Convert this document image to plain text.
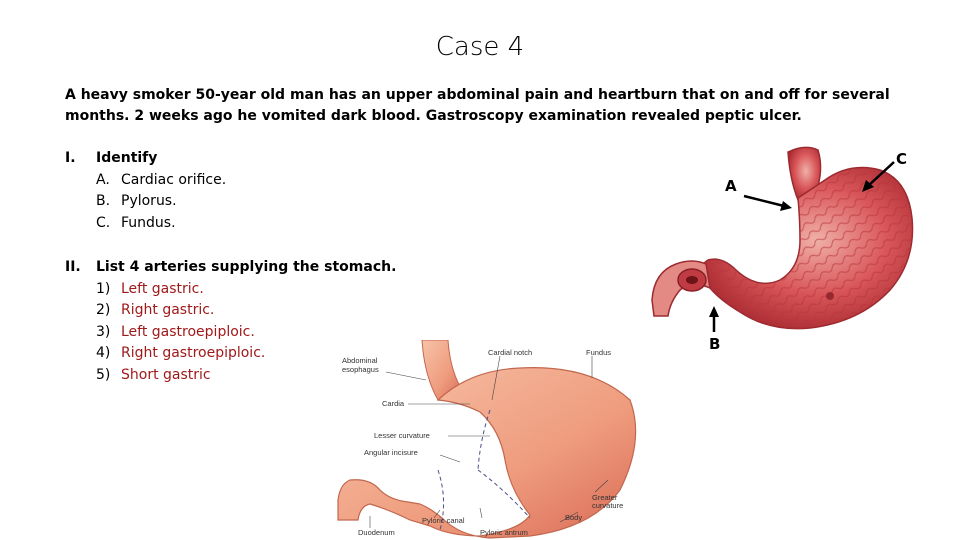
Case 4
A heavy smoker 50-year old man has an upper abdominal pain and heartburn that on and off for several months. 2 weeks ago he vomited dark blood. Gastroscopy examination revealed peptic ulcer.
I. Identify
A. Cardiac orifice.
B. Pylorus.
C. Fundus.
II. List 4 arteries supplying the stomach.
1) Left gastric.
2) Right gastric.
3) Left gastroepiploic.
4) Right gastroepiploic.
5) Short gastric
A
B
C
Abdominal
esophagus
Cardial notch	Fundus
Cardia
Lesser curvature
Angular incisure
Greater
curvature
Body
Duodenum
Pyloric canal
Pyloric antrum
